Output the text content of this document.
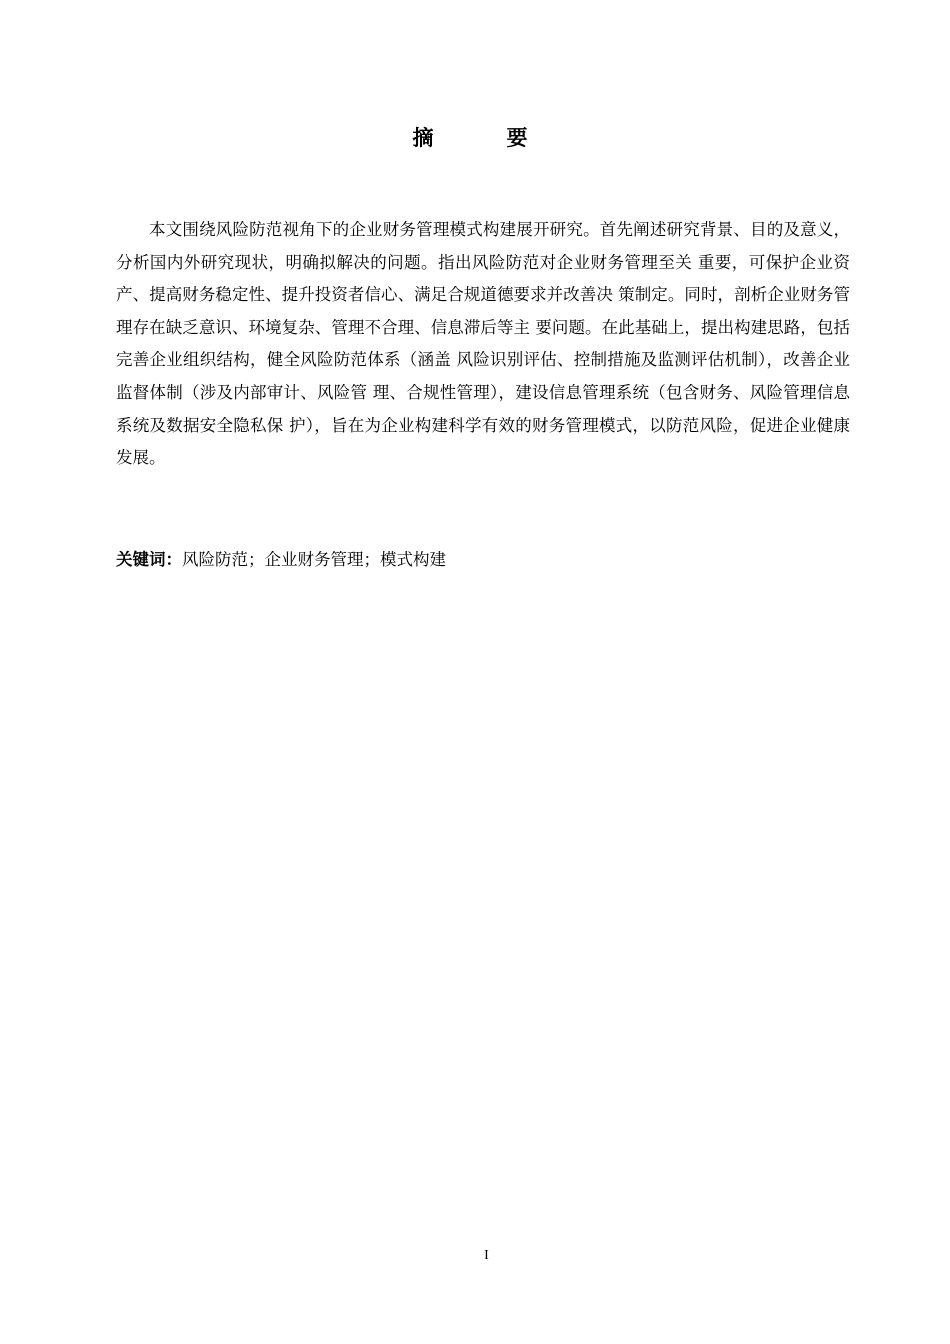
摘　要

本文围绕风险防范视角下的企业财务管理模式构建展开研究。首先阐述研究背景、目的及意义，分析国内外研究现状，明确拟解决的问题。指出风险防范对企业财务管理至关 重要，可保护企业资产、提高财务稳定性、提升投资者信心、满足合规道德要求并改善决 策制定。同时，剖析企业财务管理存在缺乏意识、环境复杂、管理不合理、信息滞后等主 要问题。在此基础上，提出构建思路，包括完善企业组织结构，健全风险防范体系（涵盖 风险识别评估、控制措施及监测评估机制），改善企业监督体制（涉及内部审计、风险管 理、合规性管理），建设信息管理系统（包含财务、风险管理信息系统及数据安全隐私保 护），旨在为企业构建科学有效的财务管理模式，以防范风险，促进企业健康发展。

关键词：风险防范；企业财务管理；模式构建
I
